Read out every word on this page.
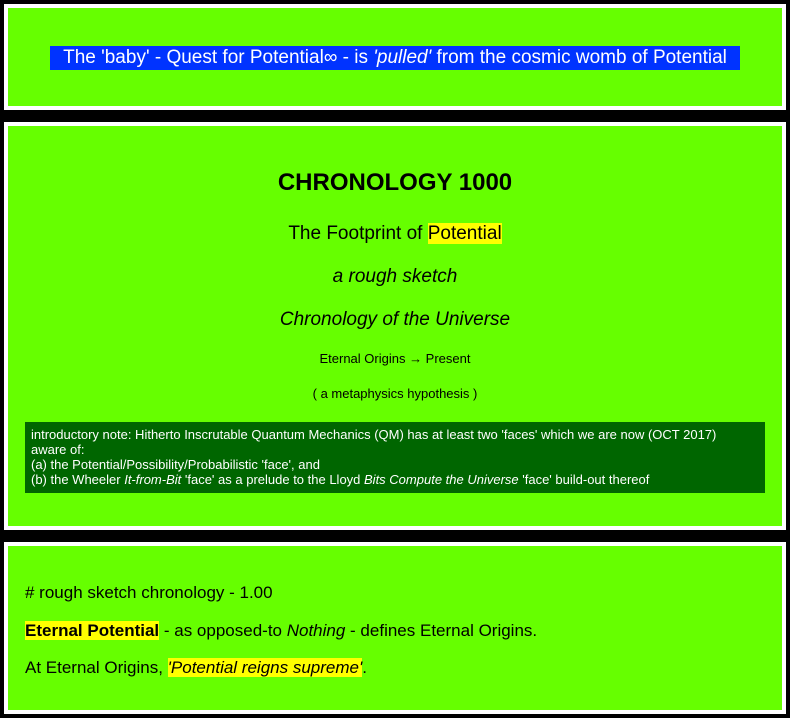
The 'baby' - Quest for Potential∞ - is 'pulled' from the cosmic womb of Potential
CHRONOLOGY 1000
The Footprint of Potential
a rough sketch
Chronology of the Universe
Eternal Origins → Present
( a metaphysics hypothesis )
introductory note: Hitherto Inscrutable Quantum Mechanics (QM) has at least two 'faces' which we are now (OCT 2017)
aware of:
(a) the Potential/Possibility/Probabilistic 'face', and
(b) the Wheeler It-from-Bit 'face' as a prelude to the Lloyd Bits Compute the Universe 'face' build-out thereof
# rough sketch chronology - 1.00
Eternal Potential - as opposed-to Nothing - defines Eternal Origins.
At Eternal Origins, 'Potential reigns supreme'.
